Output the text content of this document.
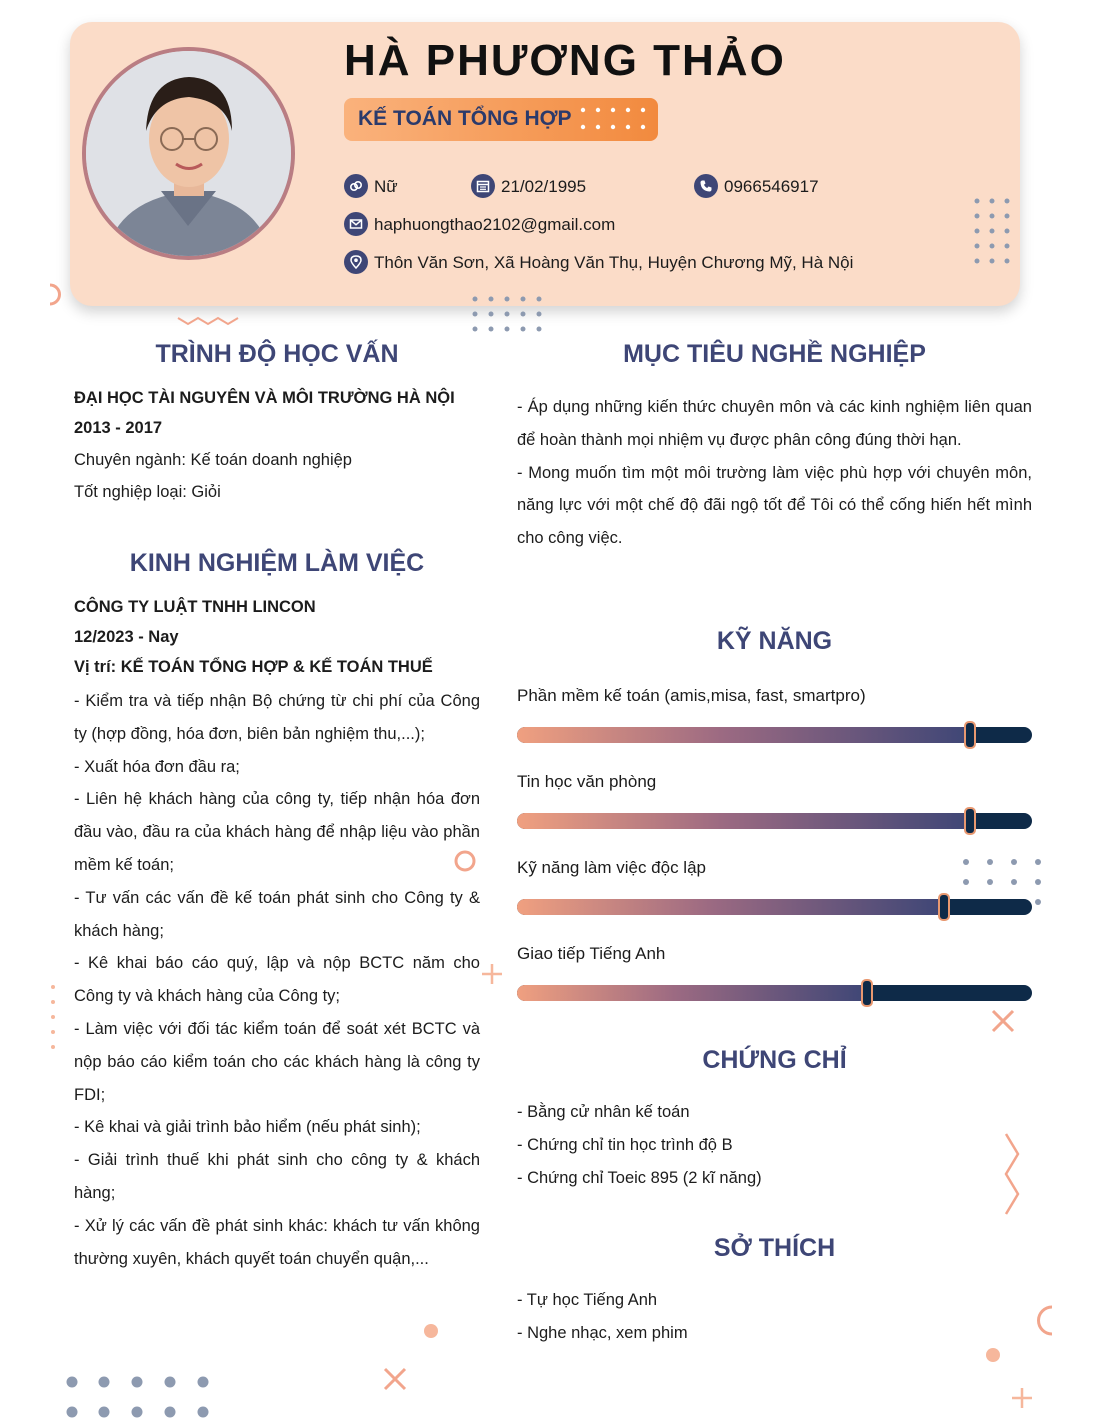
HÀ PHƯƠNG THẢO
KẾ TOÁN TỔNG HỢP
Nữ	21/02/1995	0966546917
haphuongthao2102@gmail.com
Thôn Văn Sơn, Xã Hoàng Văn Thụ, Huyện Chương Mỹ, Hà Nội
TRÌNH ĐỘ HỌC VẤN
ĐẠI HỌC TÀI NGUYÊN VÀ MÔI TRƯỜNG HÀ NỘI
2013 - 2017
Chuyên ngành: Kế toán doanh nghiệp
Tốt nghiệp loại: Giỏi
KINH NGHIỆM LÀM VIỆC
CÔNG TY LUẬT TNHH LINCON
12/2023 - Nay
Vị trí: KẾ TOÁN TỔNG HỢP & KẾ TOÁN THUẾ
- Kiểm tra và tiếp nhận Bộ chứng từ chi phí của Công ty (hợp đồng, hóa đơn, biên bản nghiệm thu,...);
- Xuất hóa đơn đầu ra;
- Liên hệ khách hàng của công ty, tiếp nhận hóa đơn đầu vào, đầu ra của khách hàng để nhập liệu vào phần mềm kế toán;
- Tư vấn các vấn đề kế toán phát sinh cho Công ty & khách hàng;
- Kê khai báo cáo quý, lập và nộp BCTC năm cho Công ty và khách hàng của Công ty;
- Làm việc với đối tác kiểm toán để soát xét BCTC và nộp báo cáo kiểm toán cho các khách hàng là công ty FDI;
- Kê khai và giải trình bảo hiểm (nếu phát sinh);
- Giải trình thuế khi phát sinh cho công ty & khách hàng;
- Xử lý các vấn đề phát sinh khác: khách tư vấn không thường xuyên, khách quyết toán chuyển quận,...
MỤC TIÊU NGHỀ NGHIỆP
- Áp dụng những kiến thức chuyên môn và các kinh nghiệm liên quan để hoàn thành mọi nhiệm vụ được phân công đúng thời hạn.
- Mong muốn tìm một môi trường làm việc phù hợp với chuyên môn, năng lực với một chế độ đãi ngộ tốt để Tôi có thể cống hiến hết mình cho công việc.
KỸ NĂNG
Phần mềm kế toán (amis,misa, fast, smartpro)
Tin học văn phòng
Kỹ năng làm việc độc lập
Giao tiếp Tiếng Anh
CHỨNG CHỈ
- Bằng cử nhân kế toán
- Chứng chỉ tin học trình độ B
- Chứng chỉ Toeic 895 (2 kĩ năng)
SỞ THÍCH
- Tự học Tiếng Anh
- Nghe nhạc, xem phim
